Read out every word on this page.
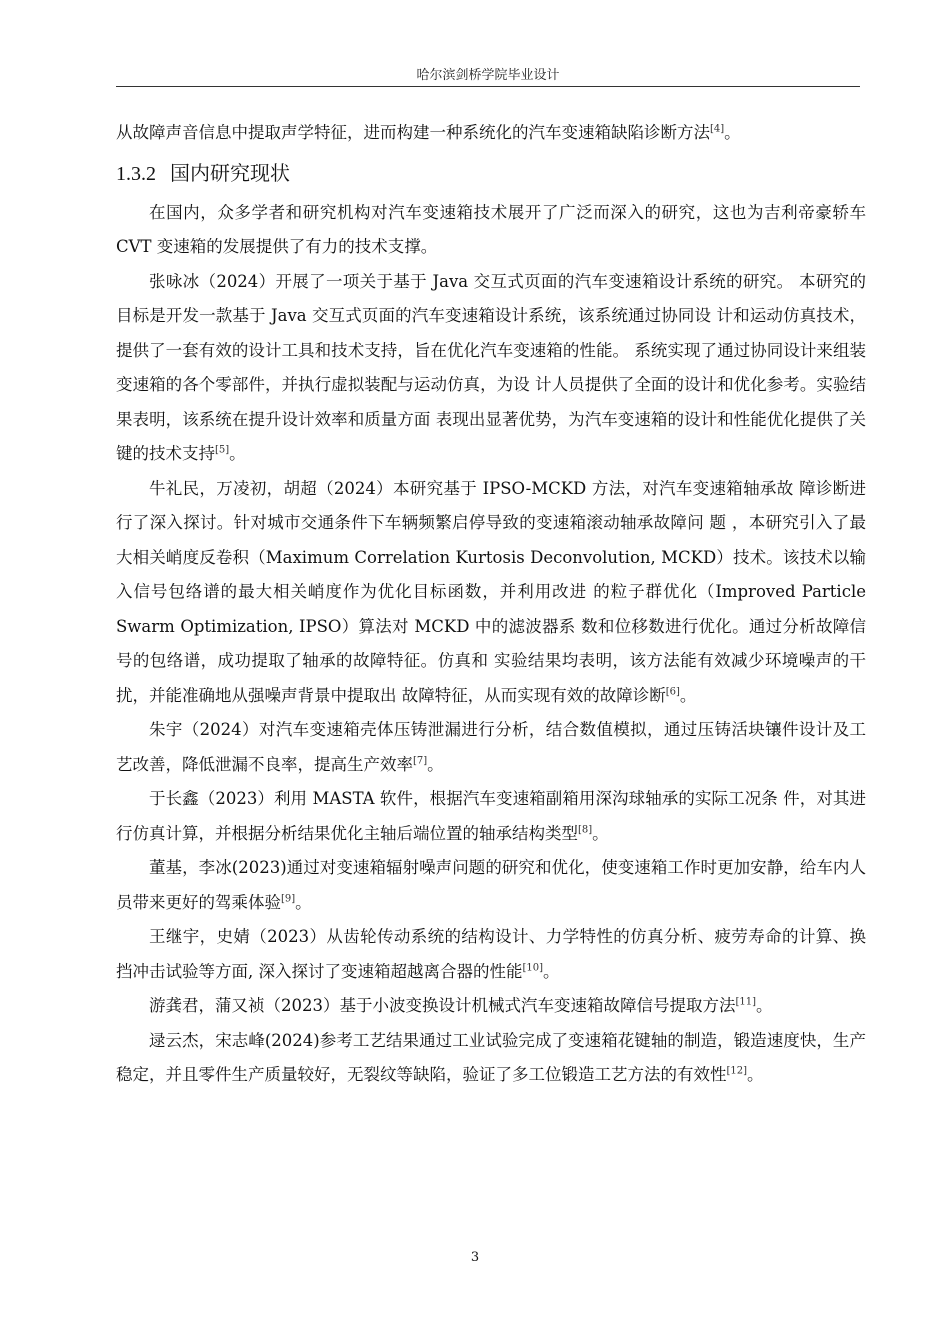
哈尔滨剑桥学院毕业设计

从故障声音信息中提取声学特征，进而构建一种系统化的汽车变速箱缺陷诊断方法[4]。

1.3.2 国内研究现状

在国内，众多学者和研究机构对汽车变速箱技术展开了广泛而深入的研究，这也为吉利帝豪轿车 CVT 变速箱的发展提供了有力的技术支撑。

张咏冰（2024）开展了一项关于基于 Java 交互式页面的汽车变速箱设计系统的研究。 本研究的目标是开发一款基于 Java 交互式页面的汽车变速箱设计系统，该系统通过协同设 计和运动仿真技术，提供了一套有效的设计工具和技术支持，旨在优化汽车变速箱的性能。 系统实现了通过协同设计来组装变速箱的各个零部件，并执行虚拟装配与运动仿真，为设 计人员提供了全面的设计和优化参考。实验结果表明，该系统在提升设计效率和质量方面 表现出显著优势，为汽车变速箱的设计和性能优化提供了关键的技术支持[5]。

牛礼民，万凌初，胡超（2024）本研究基于 IPSO-MCKD 方法，对汽车变速箱轴承故 障诊断进行了深入探讨。针对城市交通条件下车辆频繁启停导致的变速箱滚动轴承故障问 题 ，本研究引入了最大相关峭度反卷积（Maximum Correlation Kurtosis Deconvolution, MCKD）技术。该技术以输入信号包络谱的最大相关峭度作为优化目标函数，并利用改进 的粒子群优化（Improved Particle Swarm Optimization, IPSO）算法对 MCKD 中的滤波器系 数和位移数进行优化。通过分析故障信号的包络谱，成功提取了轴承的故障特征。仿真和 实验结果均表明，该方法能有效减少环境噪声的干扰，并能准确地从强噪声背景中提取出 故障特征，从而实现有效的故障诊断[6]。

朱宇（2024）对汽车变速箱壳体压铸泄漏进行分析，结合数值模拟，通过压铸活块镶件设计及工艺改善，降低泄漏不良率，提高生产效率[7]。

于长鑫（2023）利用 MASTA 软件，根据汽车变速箱副箱用深沟球轴承的实际工况条 件，对其进行仿真计算，并根据分析结果优化主轴后端位置的轴承结构类型[8]。

董基，李冰(2023)通过对变速箱辐射噪声问题的研究和优化，使变速箱工作时更加安静，给车内人员带来更好的驾乘体验[9]。

王继宇，史婧（2023）从齿轮传动系统的结构设计、力学特性的仿真分析、疲劳寿命的计算、换挡冲击试验等方面, 深入探讨了变速箱超越离合器的性能[10]。

游龚君，蒲又祯（2023）基于小波变换设计机械式汽车变速箱故障信号提取方法[11]。

逯云杰，宋志峰(2024)参考工艺结果通过工业试验完成了变速箱花键轴的制造，锻造速度快，生产稳定，并且零件生产质量较好，无裂纹等缺陷，验证了多工位锻造工艺方法的有效性[12]。

3
